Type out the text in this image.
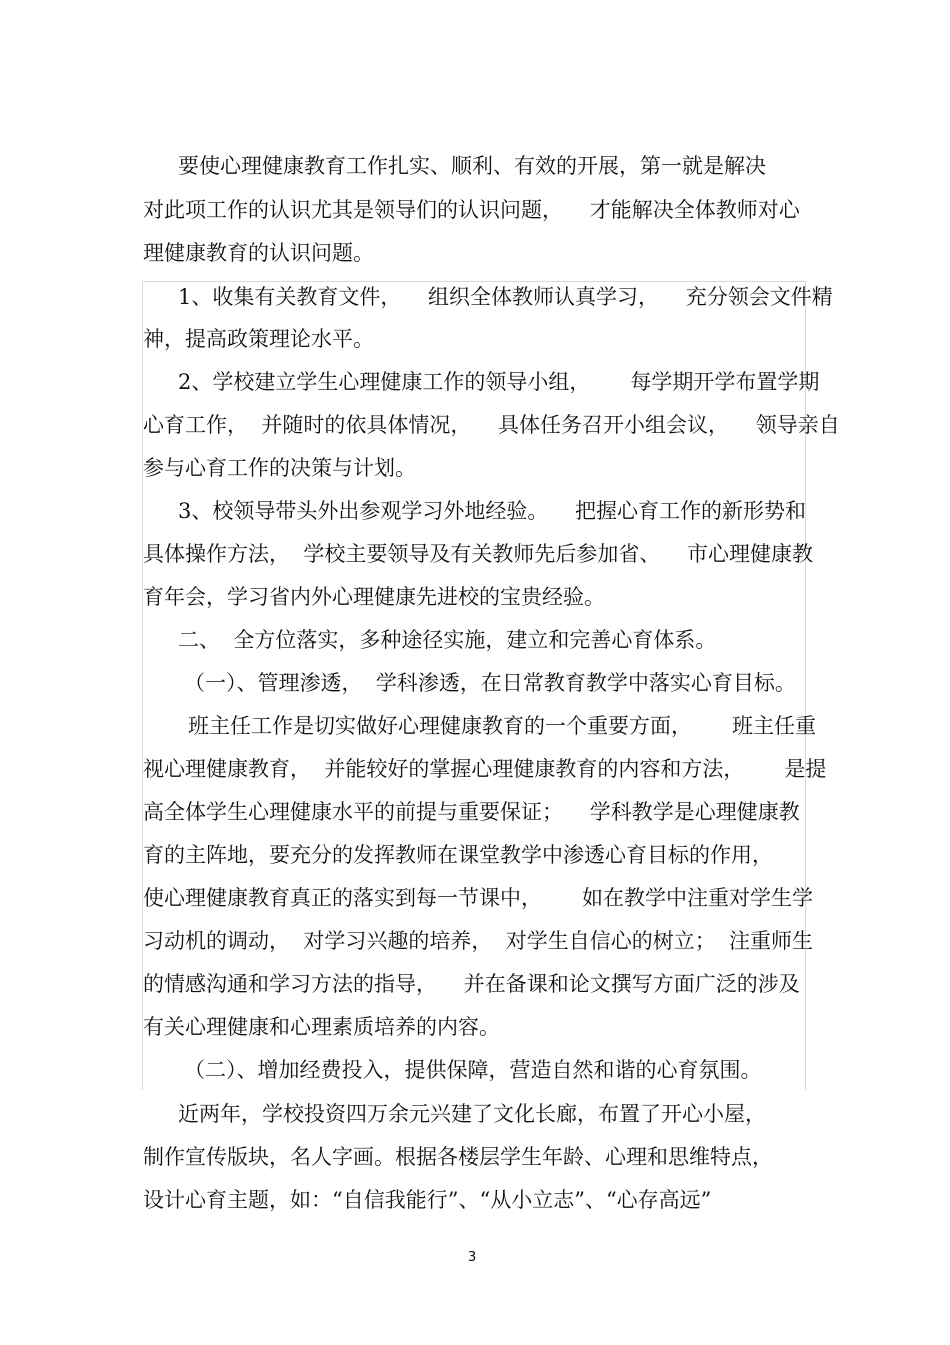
要使心理健康教育工作扎实、顺利、有效的开展，第一就是解决
对此项工作的认识尤其是领导们的认识问题，    才能解决全体教师对心
理健康教育的认识问题。
1、收集有关教育文件，    组织全体教师认真学习，    充分领会文件精
神，提高政策理论水平。
2、学校建立学生心理健康工作的领导小组，      每学期开学布置学期
心育工作，  并随时的依具体情况，    具体任务召开小组会议，    领导亲自
参与心育工作的决策与计划。
3、校领导带头外出参观学习外地经验。    把握心育工作的新形势和
具体操作方法，  学校主要领导及有关教师先后参加省、    市心理健康教
育年会，学习省内外心理健康先进校的宝贵经验。
二、  全方位落实，多种途径实施，建立和完善心育体系。
（一）、管理渗透，  学科渗透，在日常教育教学中落实心育目标。
班主任工作是切实做好心理健康教育的一个重要方面，      班主任重
视心理健康教育，  并能较好的掌握心理健康教育的内容和方法，      是提
高全体学生心理健康水平的前提与重要保证；    学科教学是心理健康教
育的主阵地，要充分的发挥教师在课堂教学中渗透心育目标的作用，
使心理健康教育真正的落实到每一节课中，      如在教学中注重对学生学
习动机的调动，  对学习兴趣的培养，  对学生自信心的树立；  注重师生
的情感沟通和学习方法的指导，    并在备课和论文撰写方面广泛的涉及
有关心理健康和心理素质培养的内容。
（二）、增加经费投入，提供保障，营造自然和谐的心育氛围。
近两年，学校投资四万余元兴建了文化长廊，布置了开心小屋，
制作宣传版块，名人字画。根据各楼层学生年龄、心理和思维特点，
设计心育主题，如：“自信我能行”、“从小立志”、“心存高远”
3
